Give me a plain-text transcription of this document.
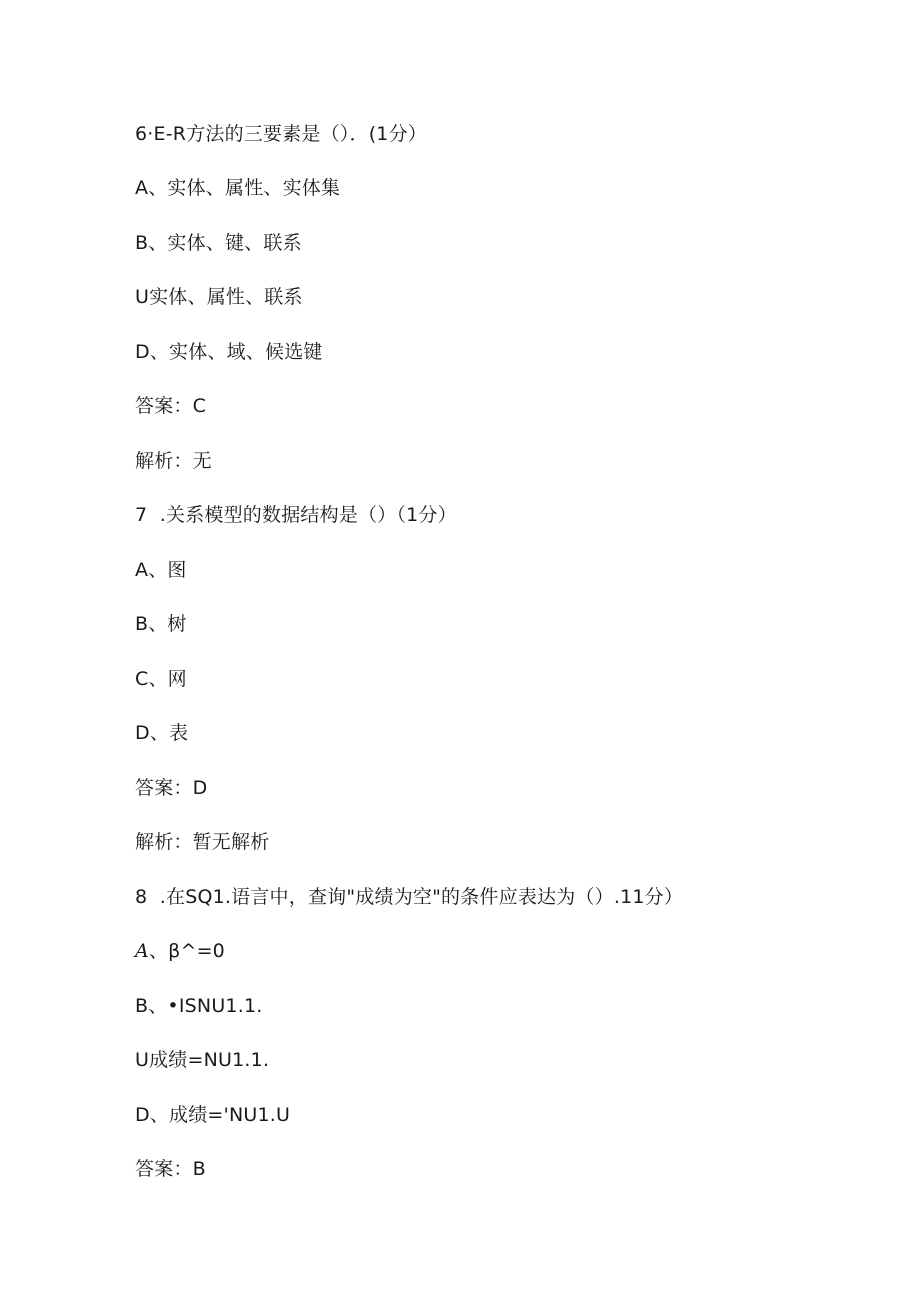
6·E-R方法的三要素是（）．(1分）
A、实体、属性、实体集
B、实体、键、联系
U实体、属性、联系
D、实体、域、候选键
答案：C
解析：无
7  .关系模型的数据结构是（）（1分）
A、图
B、树
C、网
D、表
答案：D
解析：暂无解析
8  .在SQ1.语言中，查询"成绩为空"的条件应表达为（）.11分）
A、β^=0
B、•ISNU1.1.
U成绩=NU1.1.
D、成绩='NU1.U
答案：B
